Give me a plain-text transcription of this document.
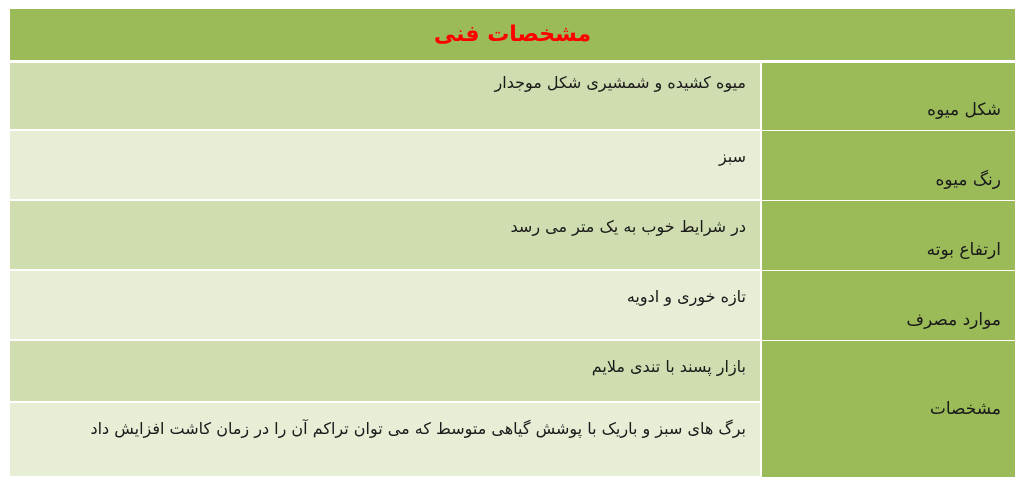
مشخصات فنی
شکل میوه
میوه کشیده و شمشیری شکل موجدار
رنگ میوه
سبز
ارتفاع بوته
در شرایط خوب به یک متر می رسد
موارد مصرف
تازه خوری و ادویه
مشخصات
بازار پسند با تندی ملایم
برگ های سبز و باریک با پوشش گیاهی متوسط که می توان تراکم آن را در زمان کاشت افزایش داد
